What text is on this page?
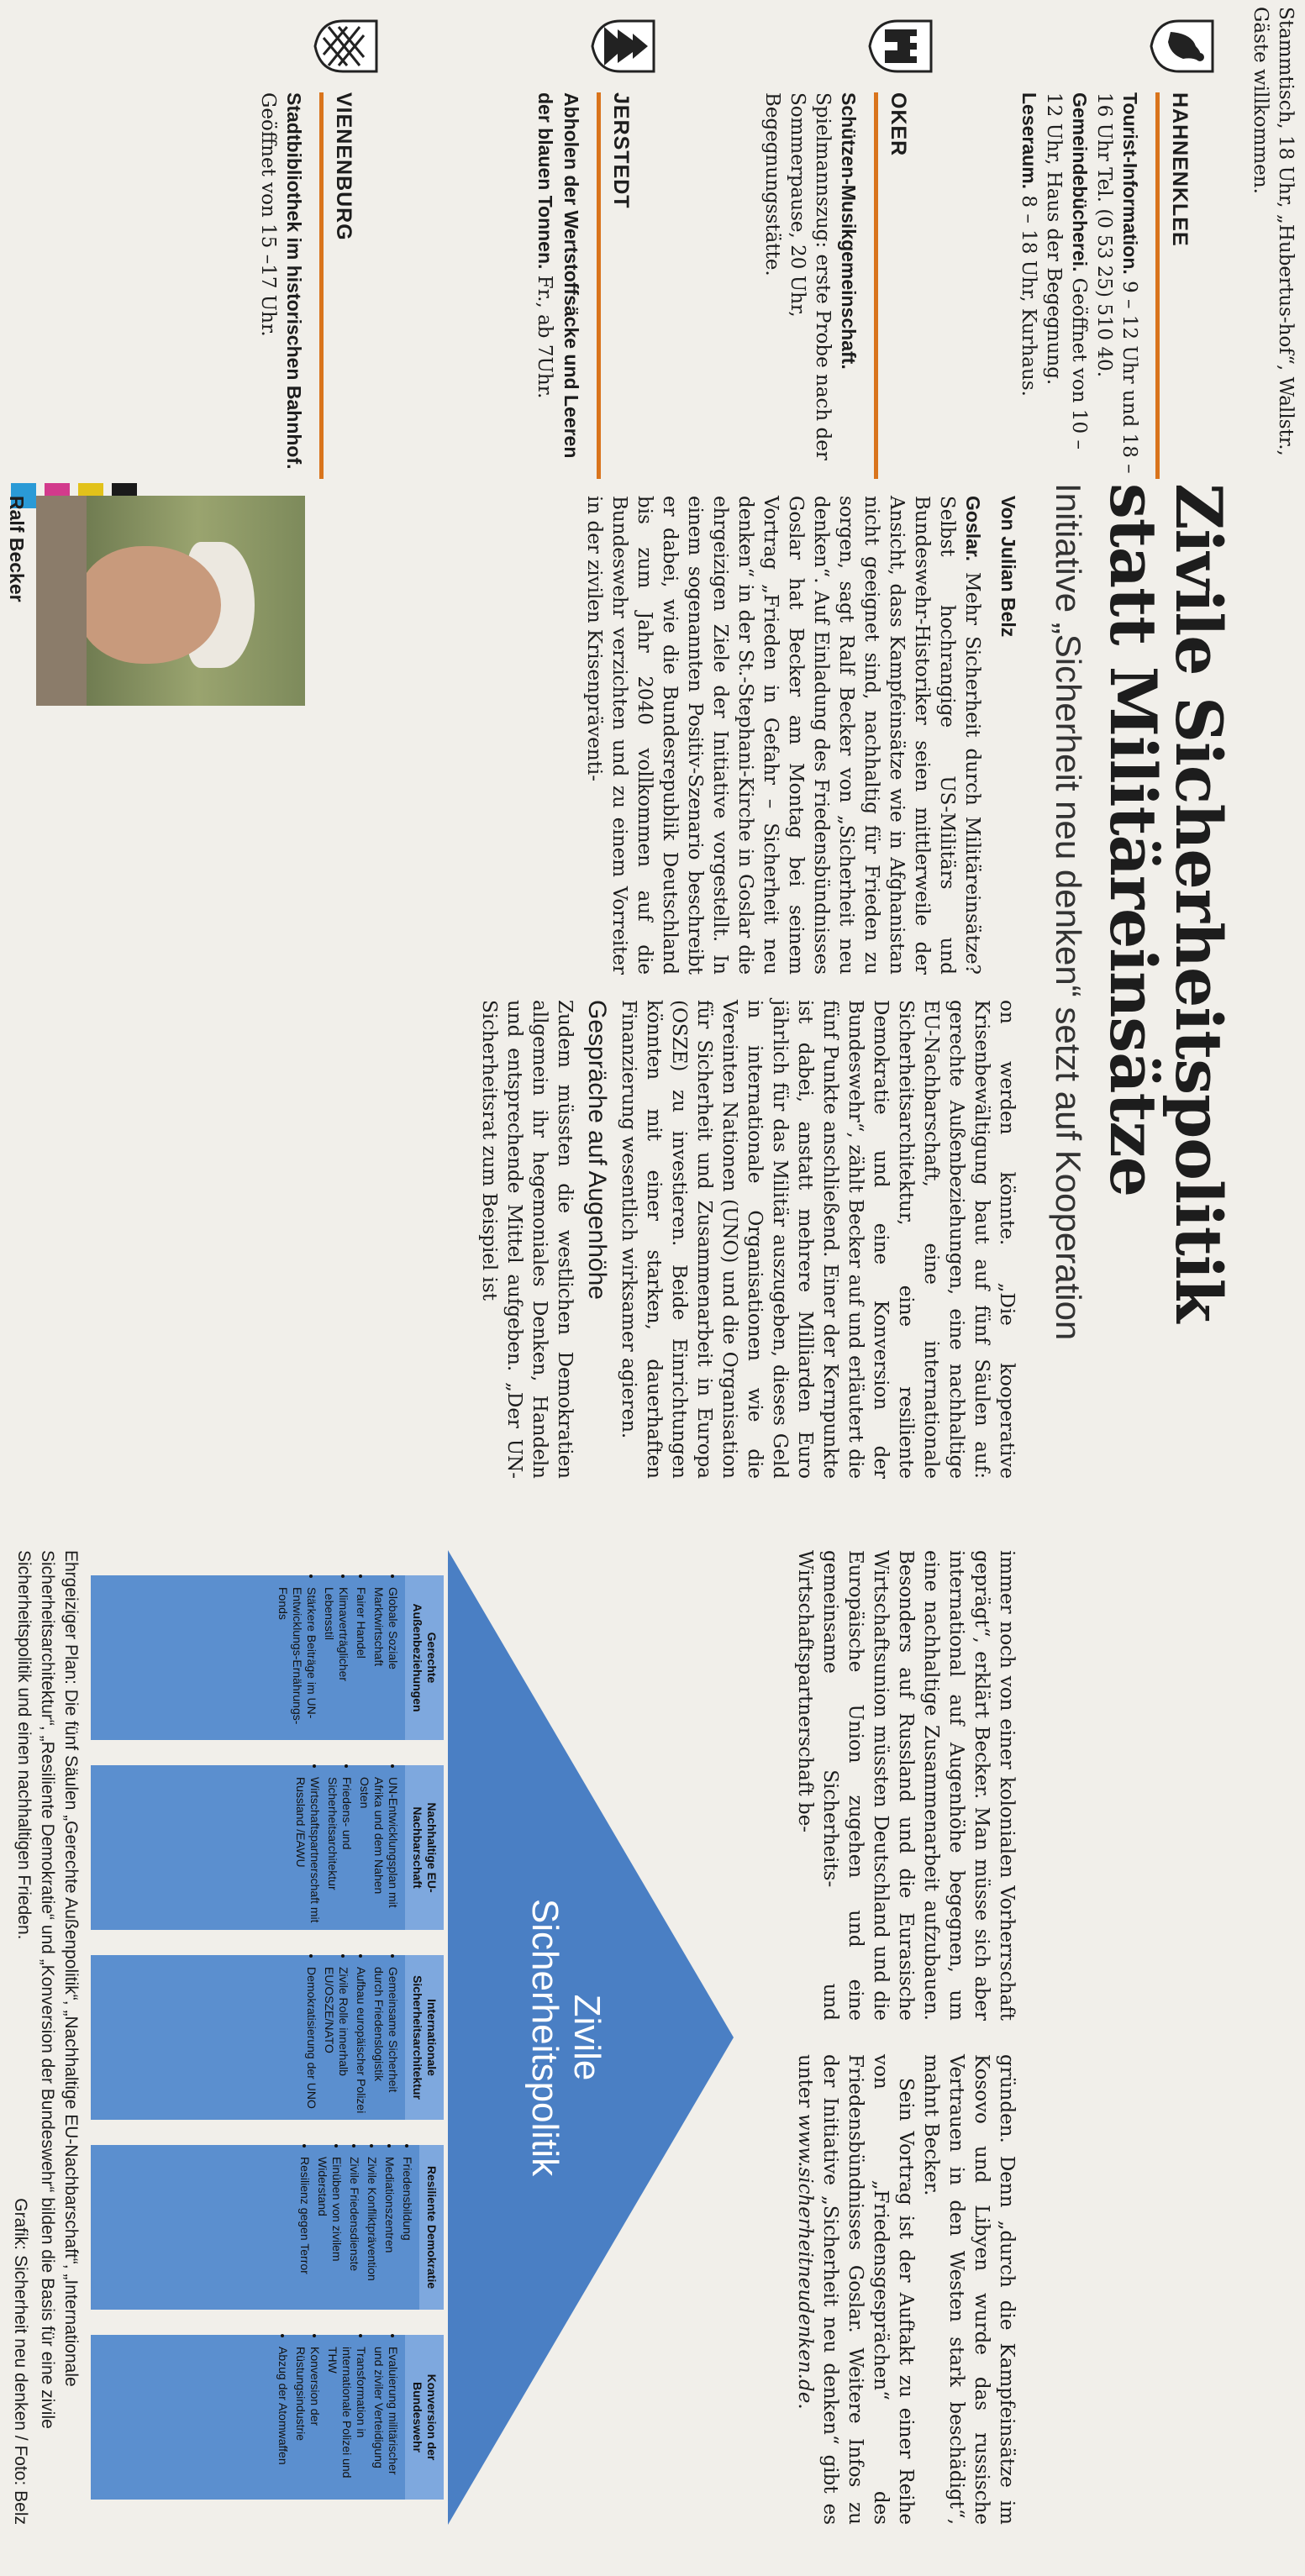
Stammtisch, 18 Uhr, „Hubertus-hof“, Wallstr., Gäste willkommen.
HAHNENKLEE
Tourist-Information. 9 – 12 Uhr und 18 – 16 Uhr Tel. (0 53 25) 510 40.
Gemeindebücherei. Geöffnet von 10 – 12 Uhr, Haus der Begegnung.
Leseraum. 8 – 18 Uhr, Kurhaus.
OKER
Schützen-Musikgemeinschaft. Spielmannszug: erste Probe nach der Sommerpause, 20 Uhr, Begegnungsstätte.
JERSTEDT
Abholen der Wertstoffsäcke und Leeren der blauen Tonnen. Fr., ab 7Uhr.
VIENENBURG
Stadtbibliothek im historischen Bahnhof. Geöffnet von 15 –17 Uhr.
Zivile Sicherheitspolitik
statt Militäreinsätze
Initiative „Sicherheit neu denken“ setzt auf Kooperation
Von Julian Belz

Goslar. Mehr Sicherheit durch Militäreinsätze? Selbst hochrangige US-Militärs und Bundeswehr-Historiker seien mittlerweile der Ansicht, dass Kampfeinsätze wie in Afghanistan nicht geeignet sind, nachhaltig für Frieden zu sorgen, sagt Ralf Becker von „Sicherheit neu denken“. Auf Einladung des Friedensbündnisses Goslar hat Becker am Montag bei seinem Vortrag „Frieden in Gefahr – Sicherheit neu denken“ in der St.-Stephani-Kirche in Goslar die ehrgeizigen Ziele der Initiative vorgestellt. In einem sogenannten Positiv-Szenario beschreibt er dabei, wie die Bundesrepublik Deutschland bis zum Jahr 2040 vollkommen auf die Bundeswehr verzichten und zu einem Vorreiter in der zivilen Krisenpräventi-

Ralf Becker

on werden könnte. „Die kooperative Krisenbewältigung baut auf fünf Säulen auf: gerechte Außenbeziehungen, eine nachhaltige EU-Nachbarschaft, eine internationale Sicherheitsarchitektur, eine resiliente Demokratie und eine Konversion der Bundeswehr“, zählt Becker auf und erläutert die fünf Punkte anschließend. Einer der Kernpunkte ist dabei, anstatt mehrere Milliarden Euro jährlich für das Militär auszugeben, dieses Geld in internationale Organisationen wie die Vereinten Nationen (UNO) und die Organisation für Sicherheit und Zusammenarbeit in Europa (OSZE) zu investieren. Beide Einrichtungen könnten mit einer starken, dauerhaften Finanzierung wesentlich wirksamer agieren.

Gespräche auf Augenhöhe

Zudem müssten die westlichen Demokratien allgemein ihr hegemoniales Denken, Handeln und entsprechende Mittel aufgeben. „Der UN-Sicherheitsrat zum Beispiel ist

Zivile
Sicherheitspolitik
Gerechte Außenbeziehungen
• Globale Soziale Marktwirtschaft
• Fairer Handel
• Klimaverträglicher Lebensstil
• Stärkere Beiträge im UN-Entwicklungs-Ernährungs-Fonds
Nachhaltige EU-Nachbarschaft
• UN-Entwicklungsplan mit Afrika und dem Nahen Osten
• Friedens- und Sicherheitsarchitektur
• Wirtschaftspartnerschaft mit Russland /EAWU
Internationale Sicherheitsarchitektur
• Gemeinsame Sicherheit durch Friedenslogistik
• Aufbau europäischer Polizei
• Zivile Rolle innerhalb EU/OSZE/NATO
• Demokratisierung der UNO
Resiliente Demokratie
• Friedensbildung
• Mediationszentren
• Zivile Konfliktprävention
• Zivile Friedensdienste
• Einüben von zivilem Widerstand
• Resilienz gegen Terror
Konversion der Bundeswehr
• Evaluierung militärischer und ziviler Verteidigung
• Transformation in internationale Polizei und THW
• Konversion der Rüstungsindustrie
• Abzug der Atomwaffen
Ehrgeiziger Plan: Die fünf Säulen „Gerechte Außenpolitik“, „Nachhaltige EU-Nachbarschaft“, „Internationale Sicherheitsarchitektur“, „Resiliente Demokratie“ und „Konversion der Bundeswehr“ bilden die Basis für eine zivile Sicherheitspolitik und einen nachhaltigen Frieden.
Grafik: Sicherheit neu denken / Foto: Belz

immer noch von einer kolonialen Vorherrschaft geprägt“, erklärt Becker. Man müsse sich aber international auf Augenhöhe begegnen, um eine nachhaltige Zusammenarbeit aufzubauen. Besonders auf Russland und die Eurasische Wirtschaftsunion müssten Deutschland und die Europäische Union zugehen und eine gemeinsame Sicherheits- und Wirtschaftspartnerschaft be-

gründen. Denn „durch die Kampfeinsätze im Kosovo und Libyen wurde das russische Vertrauen in den Westen stark beschädigt“, mahnt Becker.

Sein Vortrag ist der Auftakt zu einer Reihe von „Friedensgesprächen“ des Friedensbündnisses Goslar. Weitere Infos zu der Initiative „Sicherheit neu denken“ gibt es unter www.sicherheitneudenken.de.
